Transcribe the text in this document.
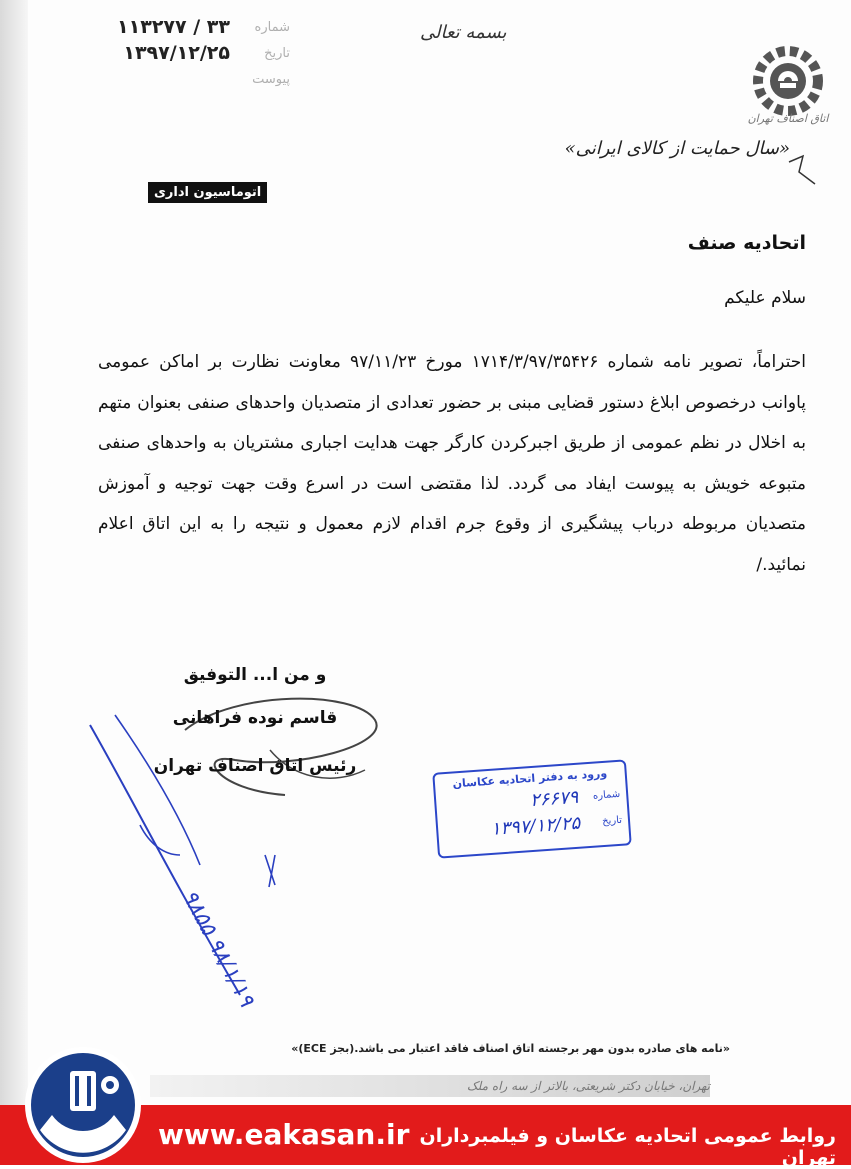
شماره
۳۳ / ۱۱۳۲۷۷
تاریخ
۱۳۹۷/۱۲/۲۵
پیوست
بسمه تعالی
اتاق اصناف تهران
«سال حمایت از کالای ایرانی»
اتوماسیون اداری
اتحادیه صنف
سلام علیکم
احتراماً، تصویر نامه شماره ۱۷۱۴/۳/۹۷/۳۵۴۲۶ مورخ ۹۷/۱۱/۲۳ معاونت نظارت بر اماکن عمومی پاوانب درخصوص ابلاغ دستور قضایی مبنی بر حضور تعدادی از متصدیان واحدهای صنفی بعنوان متهم به اخلال در نظم عمومی از طریق اجبرکردن کارگر جهت هدایت اجباری مشتریان به واحدهای صنفی متبوعه خویش به پیوست ایفاد می گردد. لذا مقتضی است در اسرع وقت جهت توجیه و آموزش متصدیان مربوطه درباب پیشگیری از وقوع جرم اقدام لازم معمول و نتیجه را به این اتاق اعلام نمائید./
و من ا... التوفیق
قاسم نوده فراهانی
رئیس اتاق اصناف تهران
ورود به دفتر اتحادیه عکاسان
شماره
۲۶۶۷۹
تاریخ
۱۳۹۷/۱۲/۲۵
۹۸۵۵ ۹۸/۱/۱۹
«نامه های صادره بدون مهر برجسته اتاق اصناف فاقد اعتبار می باشد.(بجز ECE)»
تهران، خیابان دکتر شریعتی، بالاتر از سه راه ملک
www.eakasan.ir روابط عمومی اتحادیه عکاسان و فیلمبرداران تهران
